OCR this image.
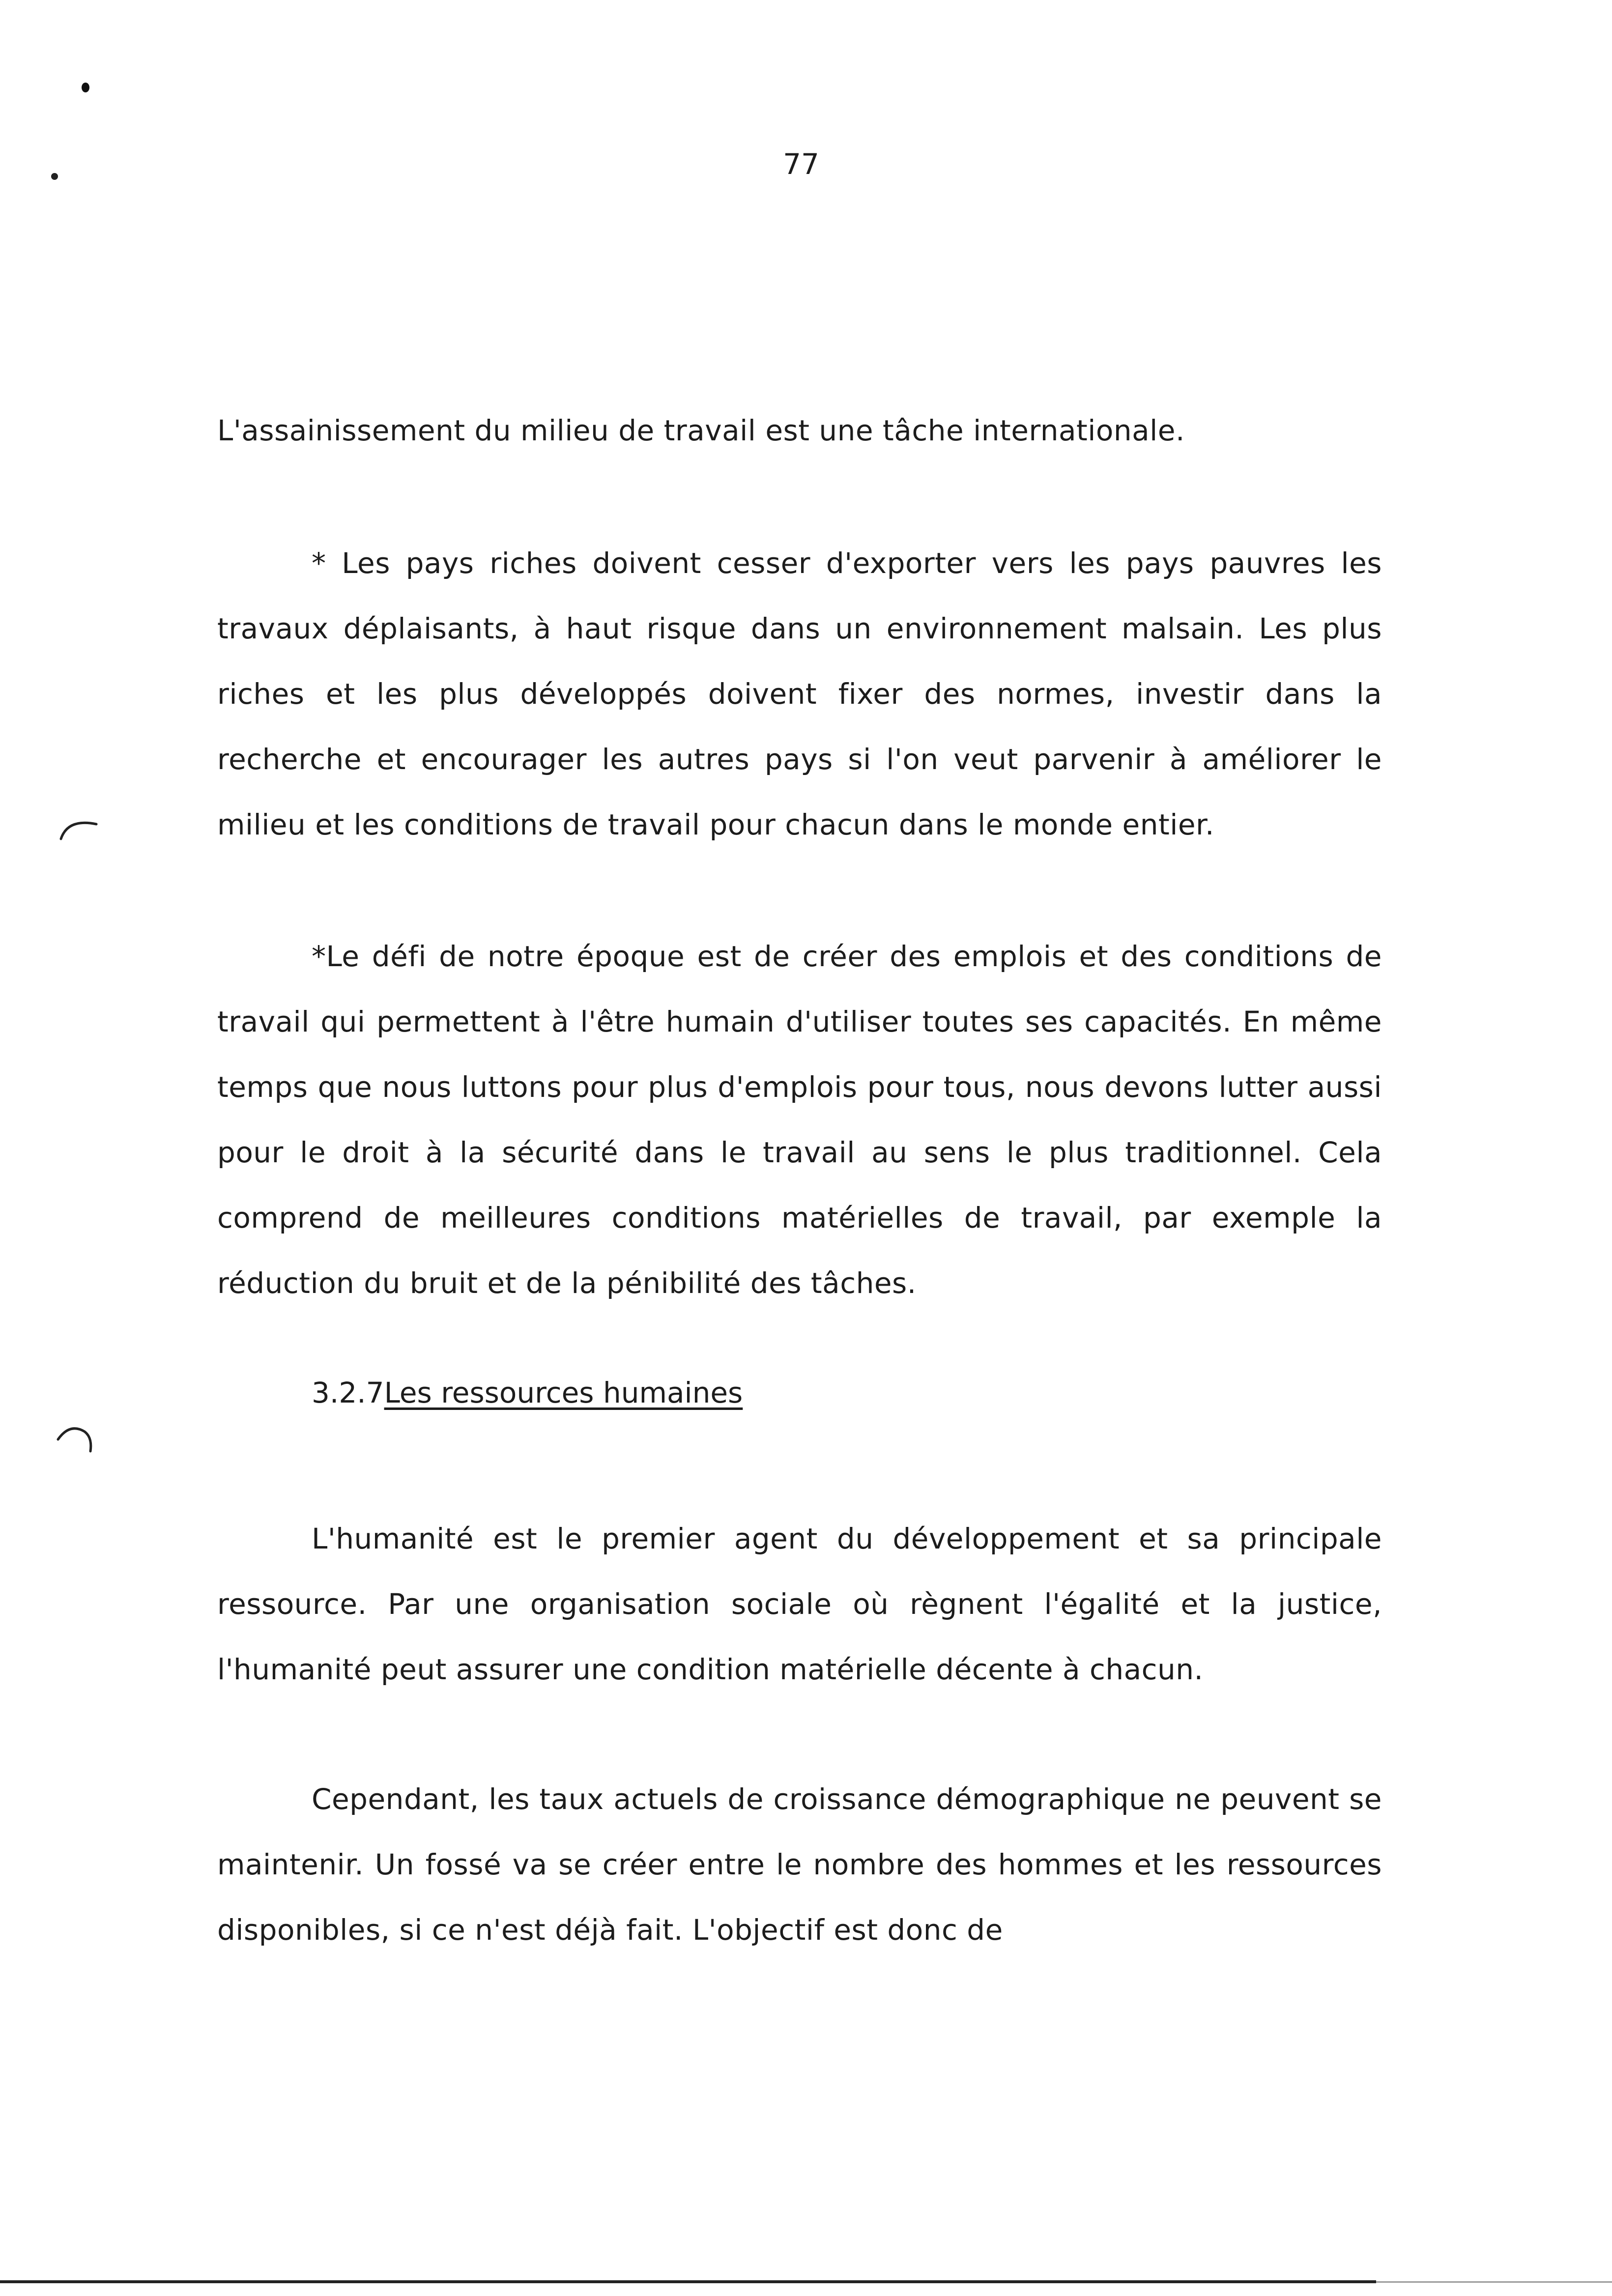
77

L'assainissement du milieu de travail est une tâche internationale.

* Les pays riches doivent cesser d'exporter vers les pays pauvres les travaux déplaisants, à haut risque dans un environnement malsain. Les plus riches et les plus développés doivent fixer des normes, investir dans la recherche et encourager les autres pays si l'on veut parvenir à améliorer le milieu et les conditions de travail pour chacun dans le monde entier.

*Le défi de notre époque est de créer des emplois et des conditions de travail qui permettent à l'être humain d'utiliser toutes ses capacités. En même temps que nous luttons pour plus d'emplois pour tous, nous devons lutter aussi pour le droit à la sécurité dans le travail au sens le plus traditionnel. Cela comprend de meilleures conditions matérielles de travail, par exemple la réduction du bruit et de la pénibilité des tâches.

3.2.7Les ressources humaines

L'humanité est le premier agent du développement et sa principale ressource. Par une organisation sociale où règnent l'égalité et la justice, l'humanité peut assurer une condition matérielle décente à chacun.

Cependant, les taux actuels de croissance démographique ne peuvent se maintenir. Un fossé va se créer entre le nombre des hommes et les ressources disponibles, si ce n'est déjà fait. L'objectif est donc de
